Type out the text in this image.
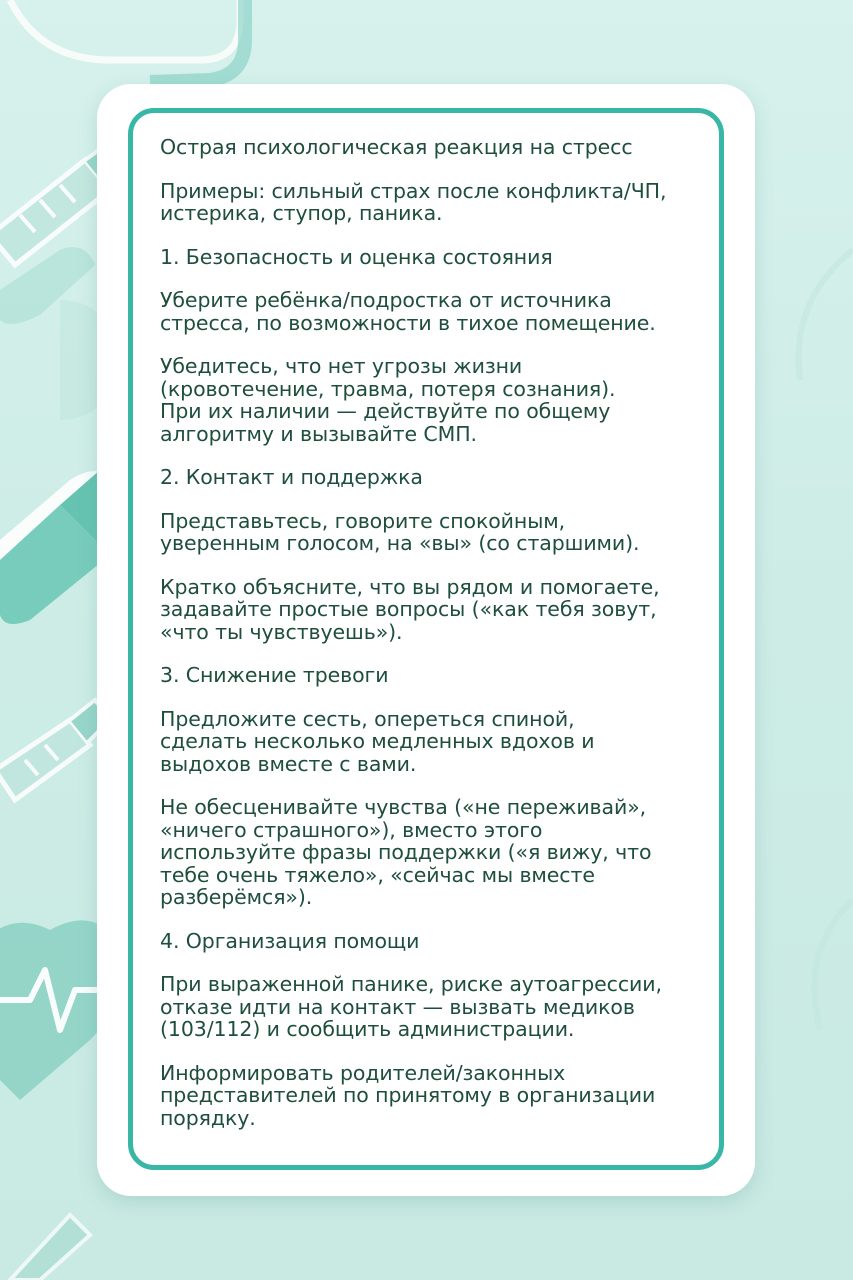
Острая психологическая реакция на стресс

Примеры: сильный страх после конфликта/ЧП,
истерика, ступор, паника.

1. Безопасность и оценка состояния

Уберите ребёнка/подростка от источника
стресса, по возможности в тихое помещение.

Убедитесь, что нет угрозы жизни
(кровотечение, травма, потеря сознания).
При их наличии — действуйте по общему
алгоритму и вызывайте СМП.

2. Контакт и поддержка

Представьтесь, говорите спокойным,
уверенным голосом, на «вы» (со старшими).

Кратко объясните, что вы рядом и помогаете,
задавайте простые вопросы («как тебя зовут,
«что ты чувствуешь»).

3. Снижение тревоги

Предложите сесть, опереться спиной,
сделать несколько медленных вдохов и
выдохов вместе с вами.

Не обесценивайте чувства («не переживай»,
«ничего страшного»), вместо этого
используйте фразы поддержки («я вижу, что
тебе очень тяжело», «сейчас мы вместе
разберёмся»).

4. Организация помощи

При выраженной панике, риске аутоагрессии,
отказе идти на контакт — вызвать медиков
(103/112) и сообщить администрации.

Информировать родителей/законных
представителей по принятому в организации
порядку.
